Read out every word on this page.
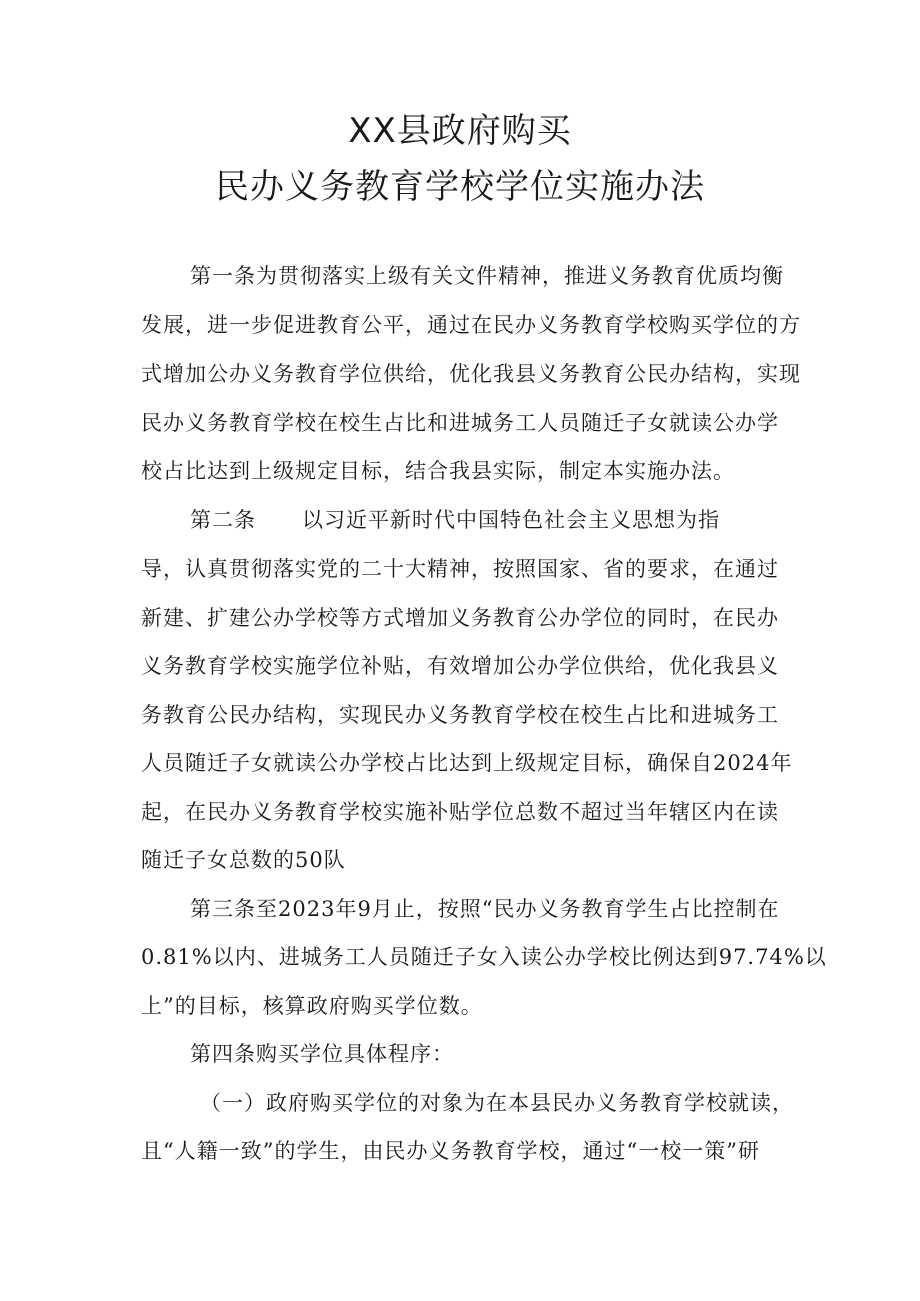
XX县政府购买
民办义务教育学校学位实施办法
第一条为贯彻落实上级有关文件精神，推进义务教育优质均衡
发展，进一步促进教育公平，通过在民办义务教育学校购买学位的方
式增加公办义务教育学位供给，优化我县义务教育公民办结构，实现
民办义务教育学校在校生占比和进城务工人员随迁子女就读公办学
校占比达到上级规定目标，结合我县实际，制定本实施办法。
第二条 以习近平新时代中国特色社会主义思想为指
导，认真贯彻落实党的二十大精神，按照国家、省的要求，在通过
新建、扩建公办学校等方式增加义务教育公办学位的同时，在民办
义务教育学校实施学位补贴，有效增加公办学位供给，优化我县义
务教育公民办结构，实现民办义务教育学校在校生占比和进城务工
人员随迁子女就读公办学校占比达到上级规定目标，确保自2024年
起，在民办义务教育学校实施补贴学位总数不超过当年辖区内在读
随迁子女总数的50队
第三条至2023年9月止，按照“民办义务教育学生占比控制在
0.81%以内、进城务工人员随迁子女入读公办学校比例达到97.74%以
上”的目标，核算政府购买学位数。
第四条购买学位具体程序：
（一）政府购买学位的对象为在本县民办义务教育学校就读，
且“人籍一致”的学生，由民办义务教育学校，通过“一校一策”研
